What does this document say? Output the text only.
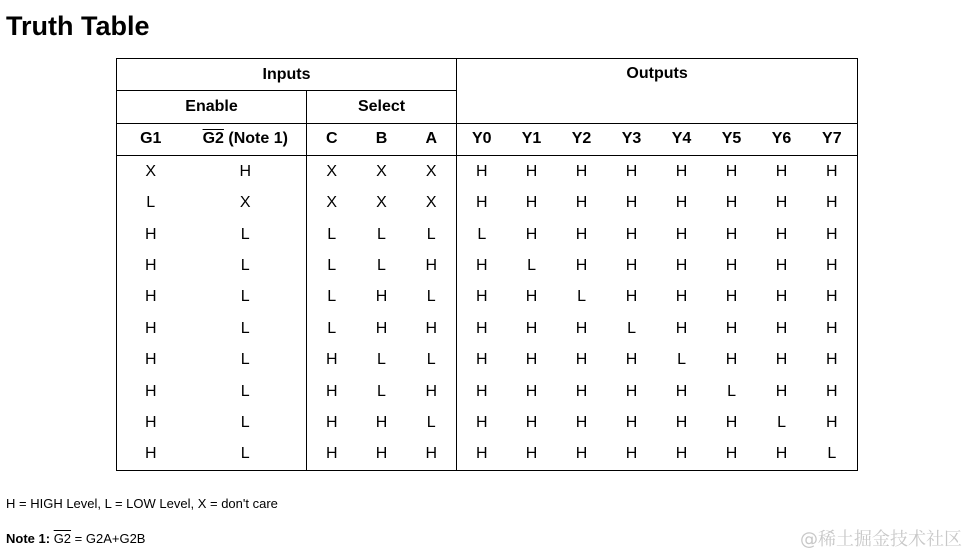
Truth Table
Inputs					Outputs							
Enable		Select										
G1	G2 (Note 1)	C	B	A	Y0	Y1	Y2	Y3	Y4	Y5	Y6	Y7
X	H	X	X	X	H	H	H	H	H	H	H	H
L	X	X	X	X	H	H	H	H	H	H	H	H
H	L	L	L	L	L	H	H	H	H	H	H	H
H	L	L	L	H	H	L	H	H	H	H	H	H
H	L	L	H	L	H	H	L	H	H	H	H	H
H	L	L	H	H	H	H	H	L	H	H	H	H
H	L	H	L	L	H	H	H	H	L	H	H	H
H	L	H	L	H	H	H	H	H	H	L	H	H
H	L	H	H	L	H	H	H	H	H	H	L	H
H	L	H	H	H	H	H	H	H	H	H	H	L
H = HIGH Level, L = LOW Level, X = don't care
Note 1: G2 = G2A+G2B	@稀土掘金技术社区
